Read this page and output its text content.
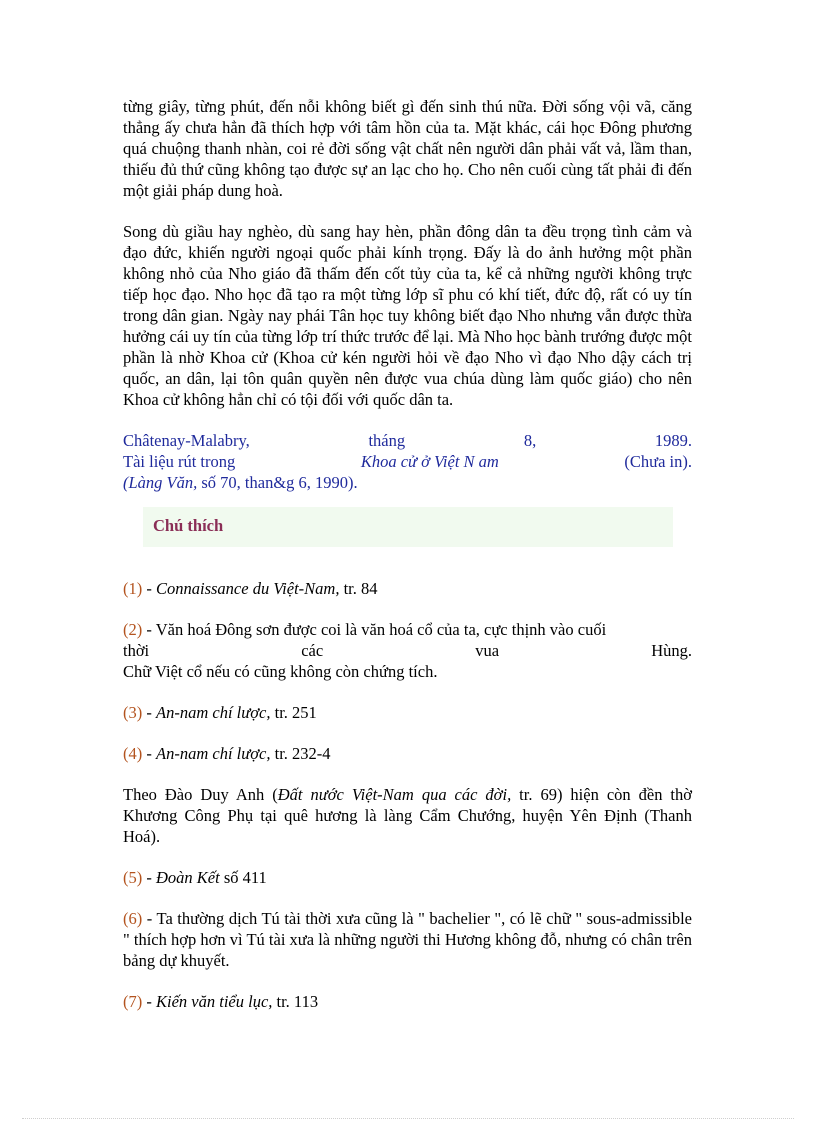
từng giây, từng phút, đến nỗi không biết gì đến sinh thú nữa. Đời sống vội vã, căng thẳng ấy chưa hẳn đã thích hợp với tâm hồn của ta. Mặt khác, cái học Đông phương quá chuộng thanh nhàn, coi rẻ đời sống vật chất nên người dân phải vất vả, lầm than, thiếu đủ thứ cũng không tạo được sự an lạc cho họ. Cho nên cuối cùng tất phải đi đến một giải pháp dung hoà.

Song dù giầu hay nghèo, dù sang hay hèn, phần đông dân ta đều trọng tình cảm và đạo đức, khiến người ngoại quốc phải kính trọng. Đấy là do ảnh hưởng một phần không nhỏ của Nho giáo đã thấm đến cốt tủy của ta, kể cả những người không trực tiếp học đạo. Nho học đã tạo ra một từng lớp sĩ phu có khí tiết, đức độ, rất có uy tín trong dân gian. Ngày nay phái Tân học tuy không biết đạo Nho nhưng vẫn được thừa hưởng cái uy tín của từng lớp trí thức trước để lại. Mà Nho học bành trướng được một phần là nhờ Khoa cử (Khoa cử kén người hỏi về đạo Nho vì đạo Nho dậy cách trị quốc, an dân, lại tôn quân quyền nên được vua chúa dùng làm quốc giáo) cho nên Khoa cử không hẳn chỉ có tội đối với quốc dân ta.

Châtenay-Malabry,	tháng	8,	1989.
Tài liệu rút trong	Khoa cử ở Việt N am	(Chưa in).
(Làng Văn, số 70, than&g 6, 1990).
Chú thích

(1) - Connaissance du Việt-Nam, tr. 84

(2) - Văn hoá Đông sơn được coi là văn hoá cổ của ta, cực thịnh vào cuối
thời	các	vua	Hùng.
Chữ Việt cổ nếu có cũng không còn chứng tích.

(3) - An-nam chí lược, tr. 251

(4) - An-nam chí lược, tr. 232-4

Theo Đào Duy Anh (Đất nước Việt-Nam qua các đời, tr. 69) hiện còn đền thờ Khương Công Phụ tại quê hương là làng Cẩm Chướng, huyện Yên Định (Thanh Hoá).

(5) - Đoàn Kết số 411

(6) - Ta thường dịch Tú tài thời xưa cũng là " bachelier ", có lẽ chữ " sous-admissible " thích hợp hơn vì Tú tài xưa là những người thi Hương không đỗ, nhưng có chân trên bảng dự khuyết.

(7) - Kiến văn tiểu lục, tr. 113
